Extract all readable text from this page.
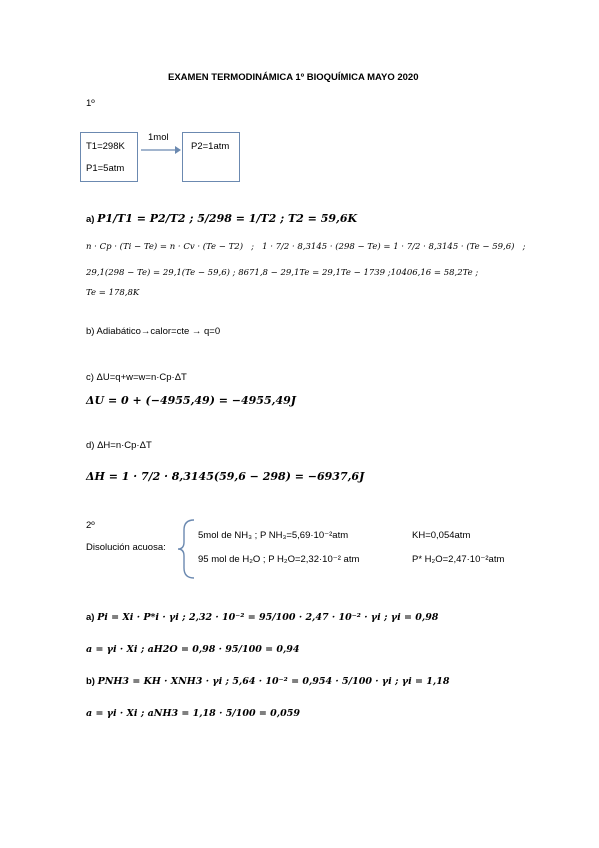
EXAMEN TERMODINÁMICA 1º BIOQUÍMICA MAYO 2020
1º
T1=298K
P1=5atm
1mol
P2=1atm
a) P1/T1 = P2/T2 ; 5/298 = 1/T2 ; T2 = 59,6K
n · Cp · (Ti − Te) = n · Cv · (Te − T2)   ;   1 · 7/2 · 8,3145 · (298 − Te) = 1 · 7/2 · 8,3145 · (Te − 59,6)   ;
29,1(298 − Te) = 29,1(Te − 59,6) ; 8671,8 − 29,1Te = 29,1Te − 1739 ;10406,16 = 58,2Te ;
Te = 178,8K
b) Adiabático→calor=cte → q=0
c) ΔU=q+w=w=n·Cp·ΔT
ΔU = 0 + (−4955,49) = −4955,49J
d) ΔH=n·Cp·ΔT
ΔH = 1 · 7/2 · 8,3145(59,6 − 298) = −6937,6J
2º
Disolución acuosa:
5mol de NH₃ ; P NH₃=5,69·10⁻²atm	KH=0,054atm
95 mol de H₂O ; P H₂O=2,32·10⁻² atm	P* H₂O=2,47·10⁻²atm
a) Pi = Xi · P*i · γi ; 2,32 · 10⁻² = 95/100 · 2,47 · 10⁻² · γi ; γi = 0,98
a = γi · Xi ; aH2O = 0,98 · 95/100 = 0,94
b) PNH3 = KH · XNH3 · γi ; 5,64 · 10⁻² = 0,954 · 5/100 · γi ; γi = 1,18
a = γi · Xi ; aNH3 = 1,18 · 5/100 = 0,059
